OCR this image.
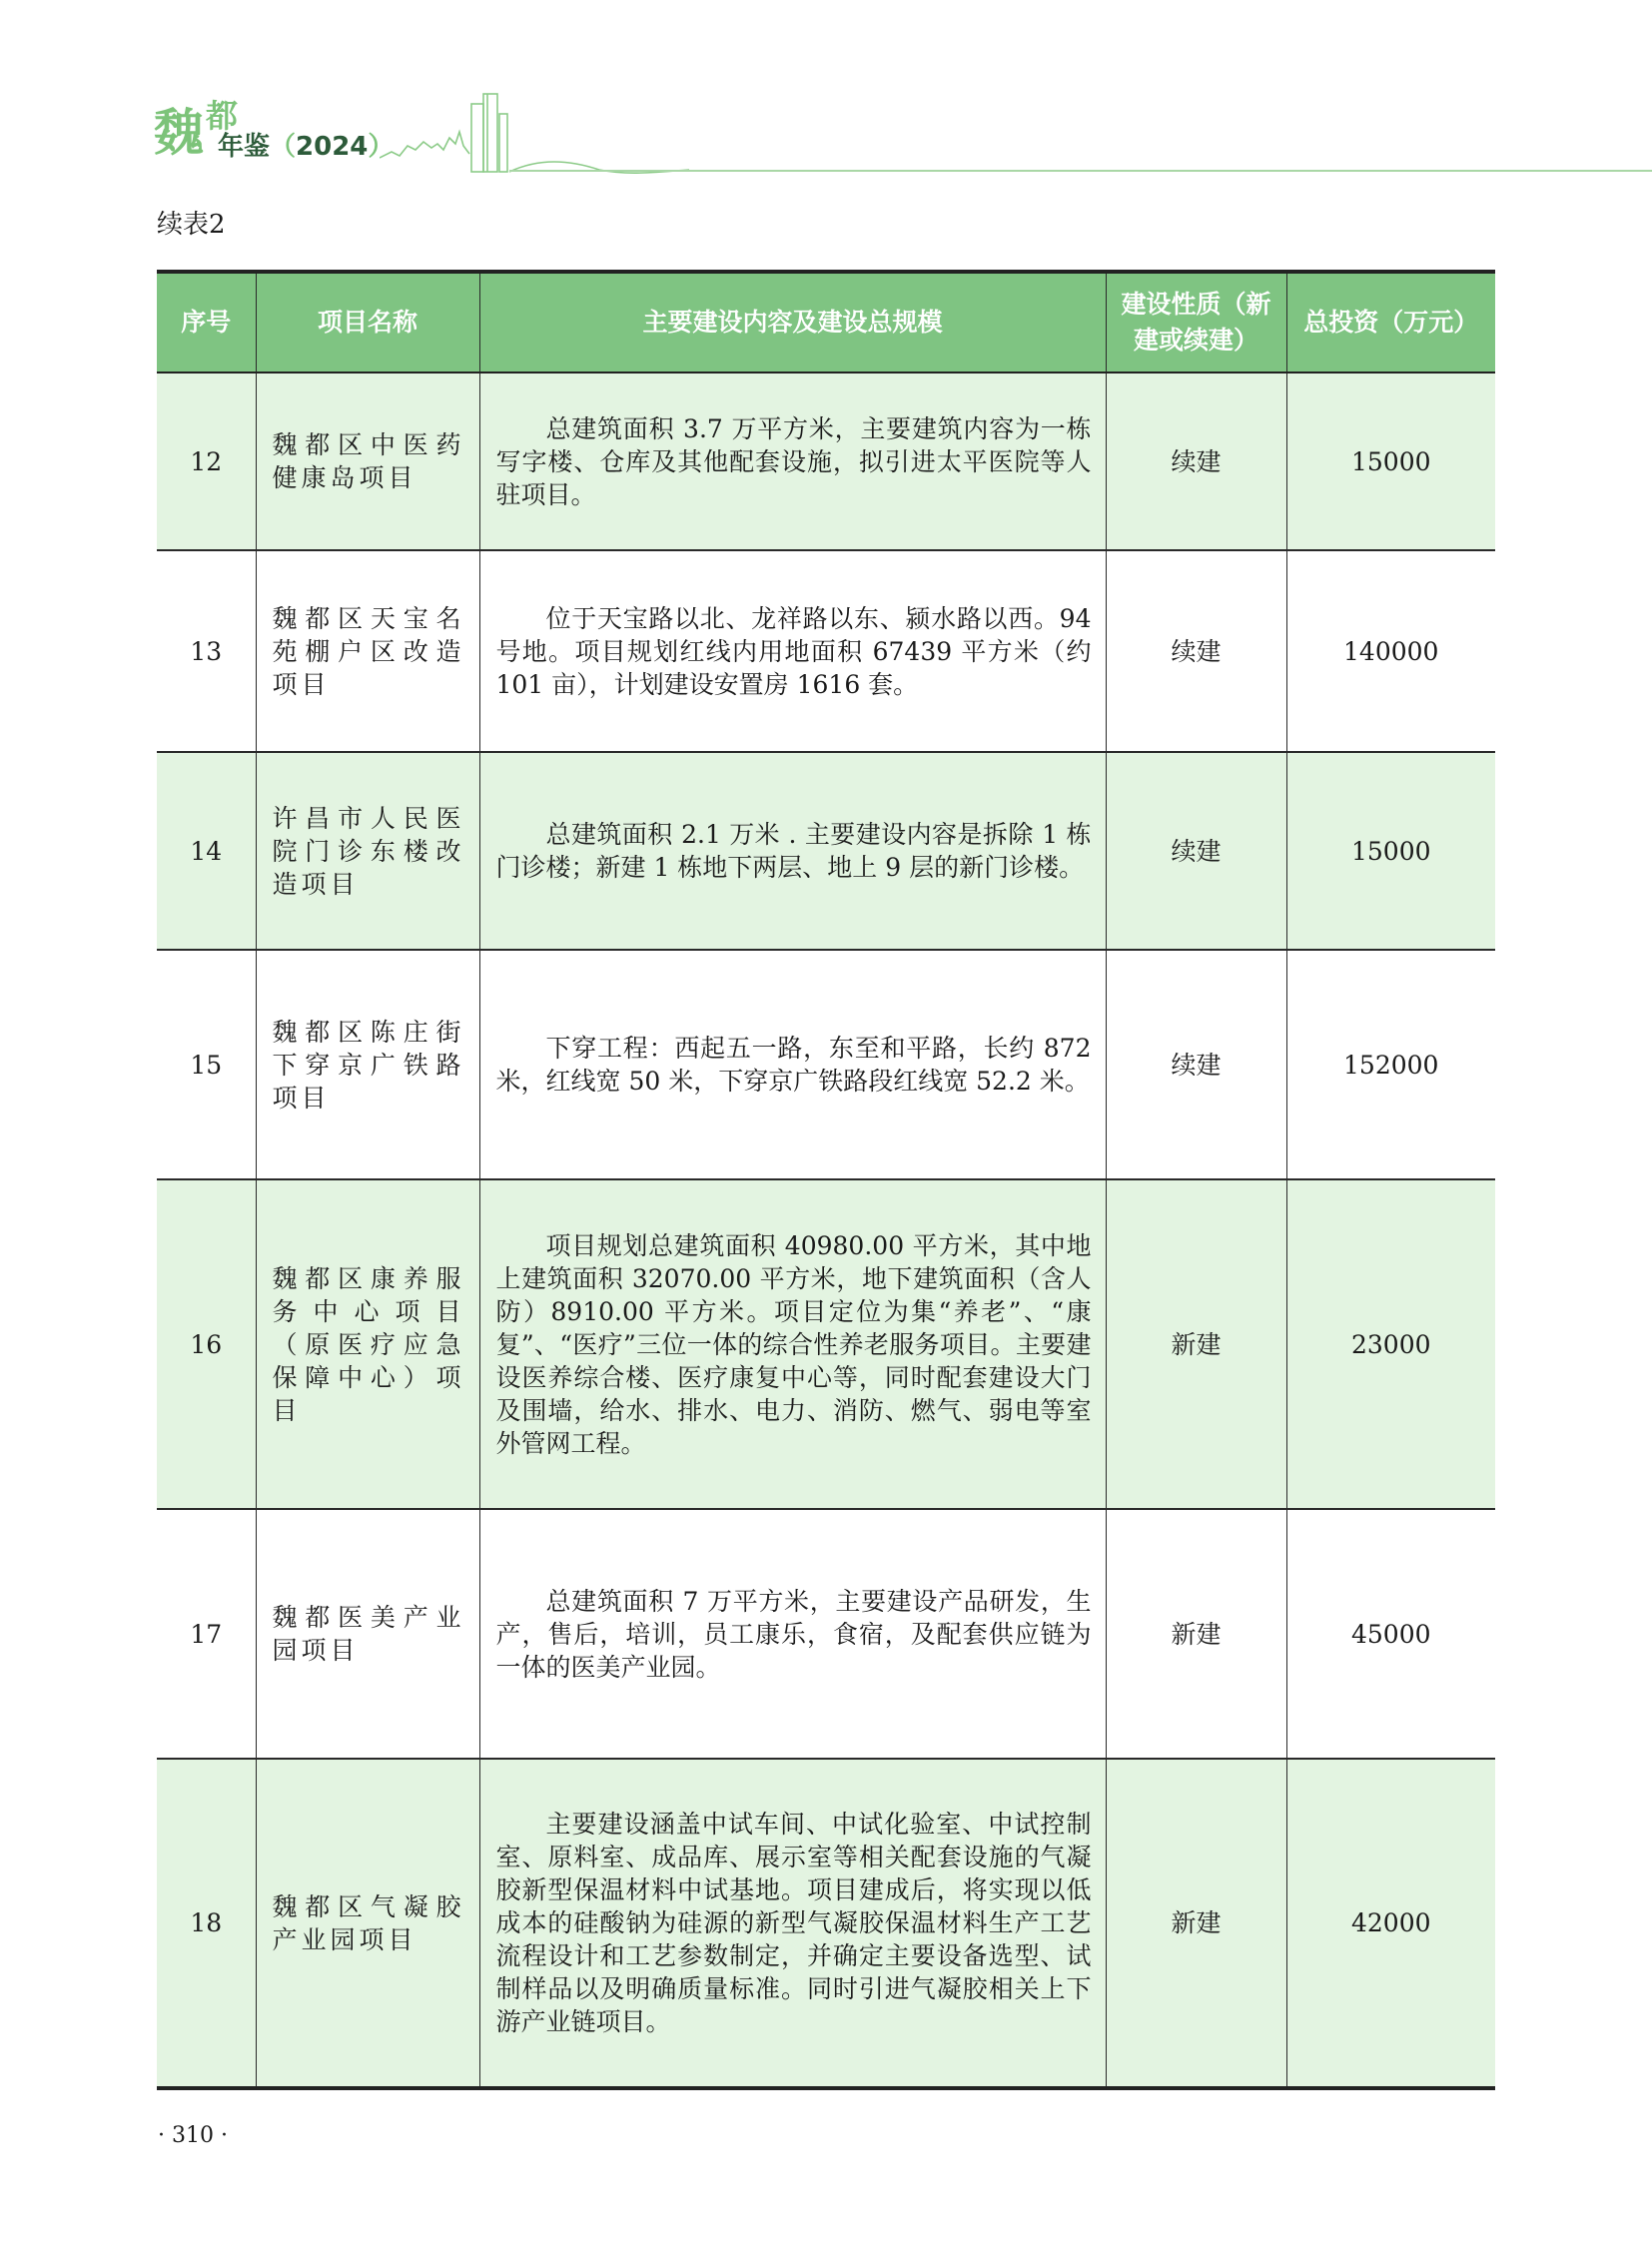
魏 都
年鉴（2024）
续表2
序号	项目名称	主要建设内容及建设总规模	建设性质（新建或续建）	总投资（万元）
12	魏都区中医药健康岛项目	总建筑面积 3.7 万平方米，主要建筑内容为一栋写字楼、仓库及其他配套设施，拟引进太平医院等人驻项目。	续建	15000
13	魏都区天宝名苑棚户区改造项目	位于天宝路以北、龙祥路以东、颍水路以西。94 号地。项目规划红线内用地面积 67439 平方米（约 101 亩），计划建设安置房 1616 套。	续建	140000
14	许昌市人民医院门诊东楼改造项目	总建筑面积 2.1 万米 . 主要建设内容是拆除 1 栋门诊楼；新建 1 栋地下两层、地上 9 层的新门诊楼。	续建	15000
15	魏都区陈庄街下穿京广铁路项目	下穿工程：西起五一路，东至和平路，长约 872 米，红线宽 50 米，下穿京广铁路段红线宽 52.2 米。	续建	152000
16	魏都区康养服务中心项目（原医疗应急保障中心）项目	项目规划总建筑面积 40980.00 平方米，其中地上建筑面积 32070.00 平方米，地下建筑面积（含人防）8910.00 平方米。项目定位为集“养老”、“康复”、“医疗”三位一体的综合性养老服务项目。主要建设医养综合楼、医疗康复中心等，同时配套建设大门及围墙，给水、排水、电力、消防、燃气、弱电等室外管网工程。	新建	23000
17	魏都医美产业园项目	总建筑面积 7 万平方米，主要建设产品研发，生产，售后，培训，员工康乐，食宿，及配套供应链为一体的医美产业园。	新建	45000
18	魏都区气凝胶产业园项目	主要建设涵盖中试车间、中试化验室、中试控制室、原料室、成品库、展示室等相关配套设施的气凝胶新型保温材料中试基地。项目建成后，将实现以低成本的硅酸钠为硅源的新型气凝胶保温材料生产工艺流程设计和工艺参数制定，并确定主要设备选型、试制样品以及明确质量标准。同时引进气凝胶相关上下游产业链项目。	新建	42000
· 310 ·
